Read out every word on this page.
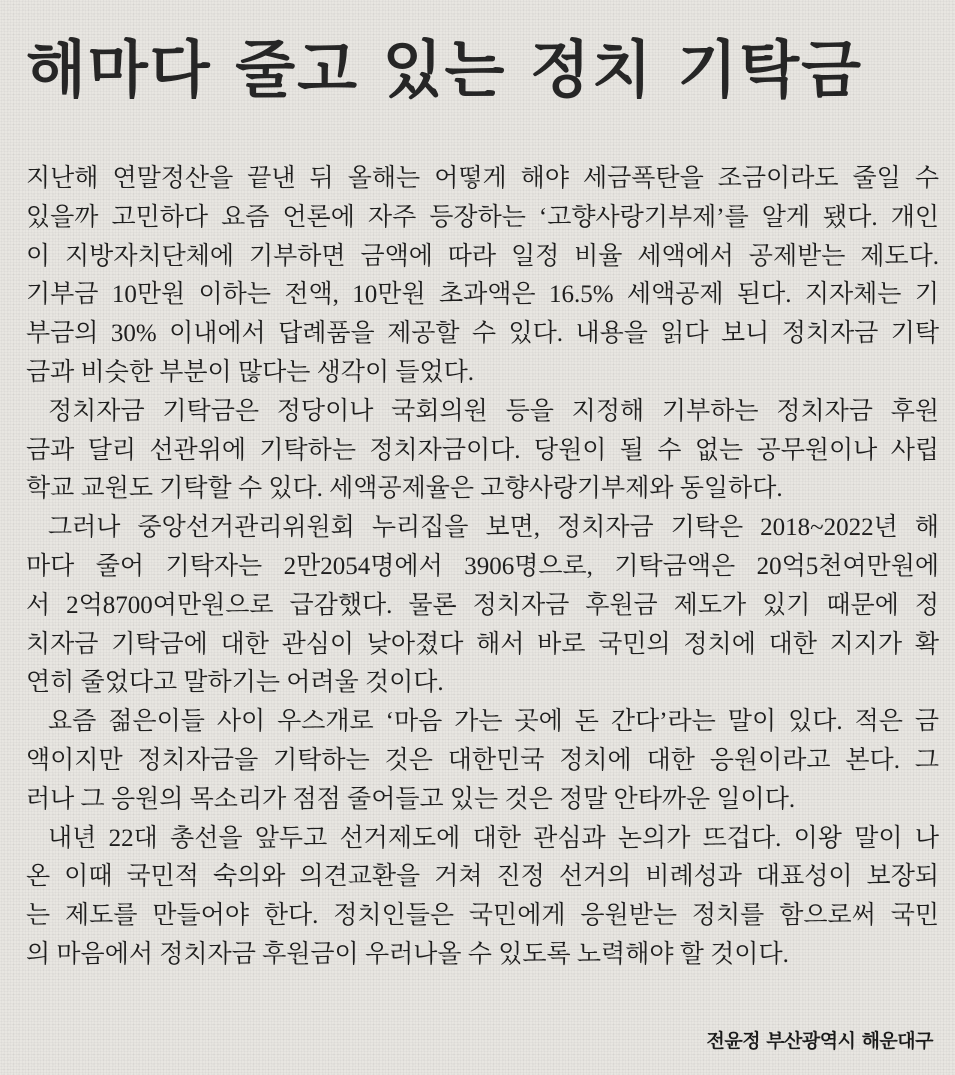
해마다 줄고 있는 정치 기탁금
지난해 연말정산을 끝낸 뒤 올해는 어떻게 해야 세금폭탄을 조금이라도 줄일 수
있을까 고민하다 요즘 언론에 자주 등장하는 ‘고향사랑기부제’를 알게 됐다. 개인
이 지방자치단체에 기부하면 금액에 따라 일정 비율 세액에서 공제받는 제도다.
기부금 10만원 이하는 전액, 10만원 초과액은 16.5% 세액공제 된다. 지자체는 기
부금의 30% 이내에서 답례품을 제공할 수 있다. 내용을 읽다 보니 정치자금 기탁
금과 비슷한 부분이 많다는 생각이 들었다.
정치자금 기탁금은 정당이나 국회의원 등을 지정해 기부하는 정치자금 후원
금과 달리 선관위에 기탁하는 정치자금이다. 당원이 될 수 없는 공무원이나 사립
학교 교원도 기탁할 수 있다. 세액공제율은 고향사랑기부제와 동일하다.
그러나 중앙선거관리위원회 누리집을 보면, 정치자금 기탁은 2018~2022년 해
마다 줄어 기탁자는 2만2054명에서 3906명으로, 기탁금액은 20억5천여만원에
서 2억8700여만원으로 급감했다. 물론 정치자금 후원금 제도가 있기 때문에 정
치자금 기탁금에 대한 관심이 낮아졌다 해서 바로 국민의 정치에 대한 지지가 확
연히 줄었다고 말하기는 어려울 것이다.
요즘 젊은이들 사이 우스개로 ‘마음 가는 곳에 돈 간다’라는 말이 있다. 적은 금
액이지만 정치자금을 기탁하는 것은 대한민국 정치에 대한 응원이라고 본다. 그
러나 그 응원의 목소리가 점점 줄어들고 있는 것은 정말 안타까운 일이다.
내년 22대 총선을 앞두고 선거제도에 대한 관심과 논의가 뜨겁다. 이왕 말이 나
온 이때 국민적 숙의와 의견교환을 거쳐 진정 선거의 비례성과 대표성이 보장되
는 제도를 만들어야 한다. 정치인들은 국민에게 응원받는 정치를 함으로써 국민
의 마음에서 정치자금 후원금이 우러나올 수 있도록 노력해야 할 것이다.
전윤정 부산광역시 해운대구
